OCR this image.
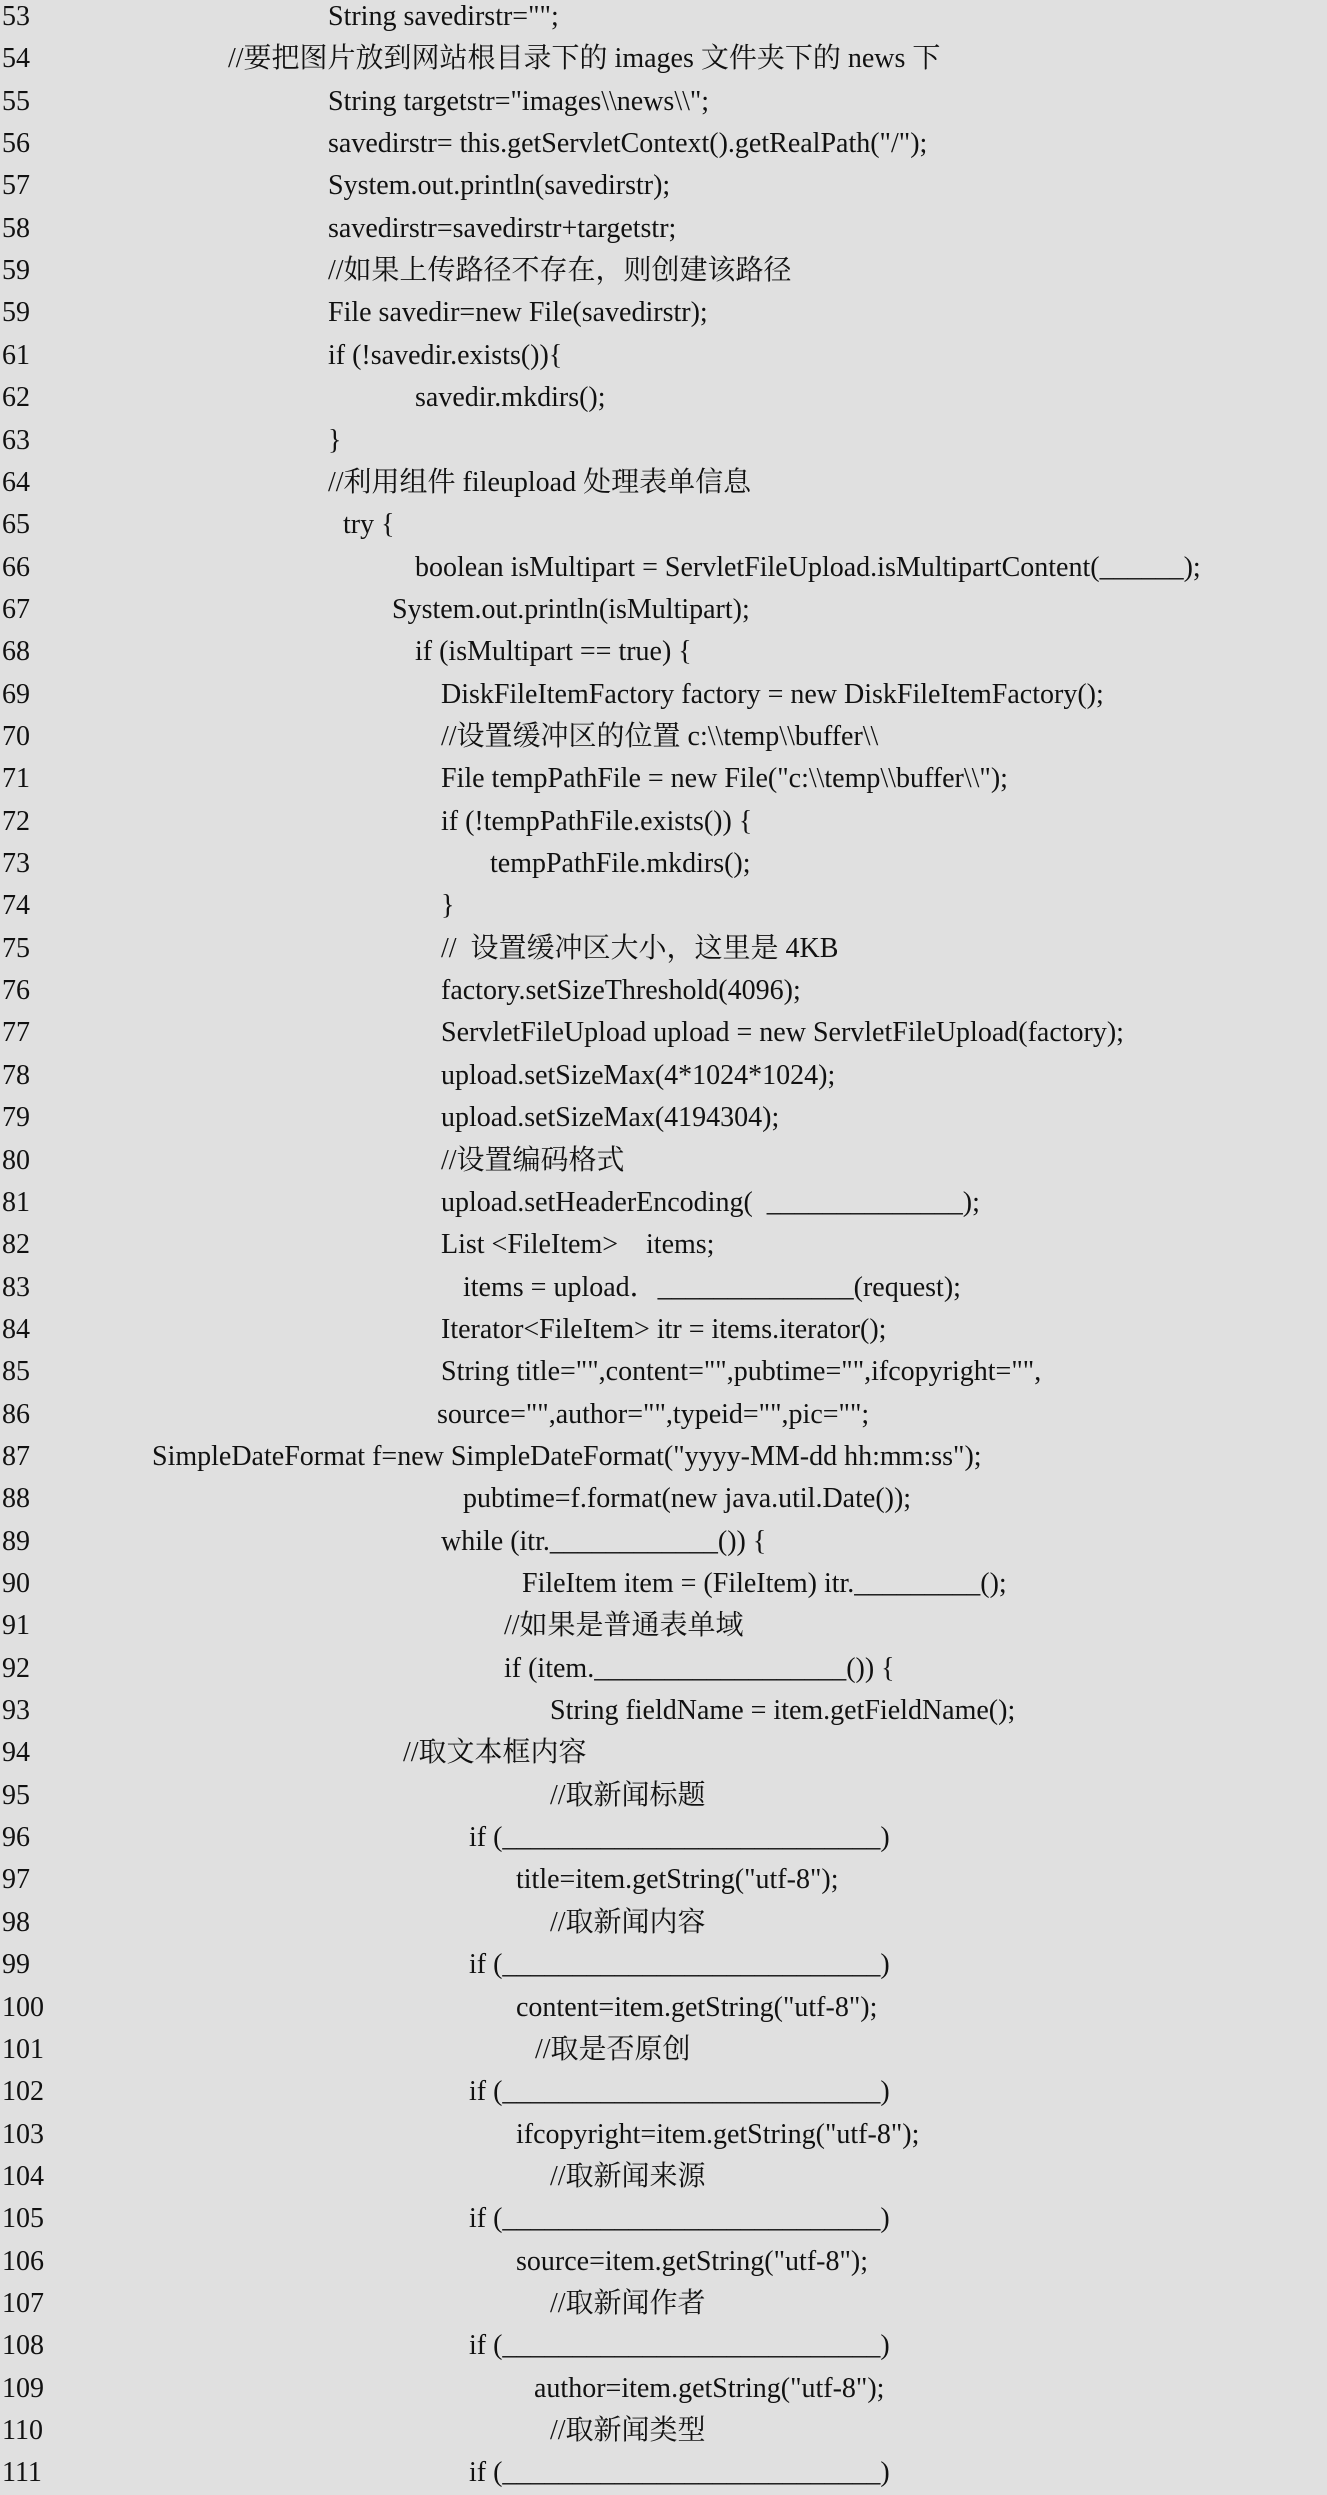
53	String savedirstr="";
54	//要把图片放到网站根目录下的 images 文件夹下的 news 下
55	String targetstr="images\\news\\";
56	savedirstr= this.getServletContext().getRealPath("/");
57	System.out.println(savedirstr);
58	savedirstr=savedirstr+targetstr;
59	//如果上传路径不存在，则创建该路径
59	File savedir=new File(savedirstr);
61	if (!savedir.exists()){
62	savedir.mkdirs();
63	}
64	//利用组件 fileupload 处理表单信息
65	try {
66	boolean isMultipart = ServletFileUpload.isMultipartContent(______);
67	System.out.println(isMultipart);
68	if (isMultipart == true) {
69	DiskFileItemFactory factory = new DiskFileItemFactory();
70	//设置缓冲区的位置 c:\\temp\\buffer\\
71	File tempPathFile = new File("c:\\temp\\buffer\\");
72	if (!tempPathFile.exists()) {
73	tempPathFile.mkdirs();
74	}
75	//  设置缓冲区大小，这里是 4KB
76	factory.setSizeThreshold(4096);
77	ServletFileUpload upload = new ServletFileUpload(factory);
78	upload.setSizeMax(4*1024*1024);
79	upload.setSizeMax(4194304);
80	//设置编码格式
81	upload.setHeaderEncoding(  ______________);
82	List <FileItem>    items;
83	items = upload．______________(request);
84	Iterator<FileItem> itr = items.iterator();
85	String title="",content="",pubtime="",ifcopyright="",
86	source="",author="",typeid="",pic="";
87	SimpleDateFormat f=new SimpleDateFormat("yyyy-MM-dd hh:mm:ss");
88	pubtime=f.format(new java.util.Date());
89	while (itr.____________()) {
90	FileItem item = (FileItem) itr._________();
91	//如果是普通表单域
92	if (item.__________________()) {
93	String fieldName = item.getFieldName();
94	//取文本框内容
95	//取新闻标题
96	if (___________________________)
97	title=item.getString("utf-8");
98	//取新闻内容
99	if (___________________________)
100	content=item.getString("utf-8");
101	//取是否原创
102	if (___________________________)
103	ifcopyright=item.getString("utf-8");
104	//取新闻来源
105	if (___________________________)
106	source=item.getString("utf-8");
107	//取新闻作者
108	if (___________________________)
109	author=item.getString("utf-8");
110	//取新闻类型
111	if (___________________________)
